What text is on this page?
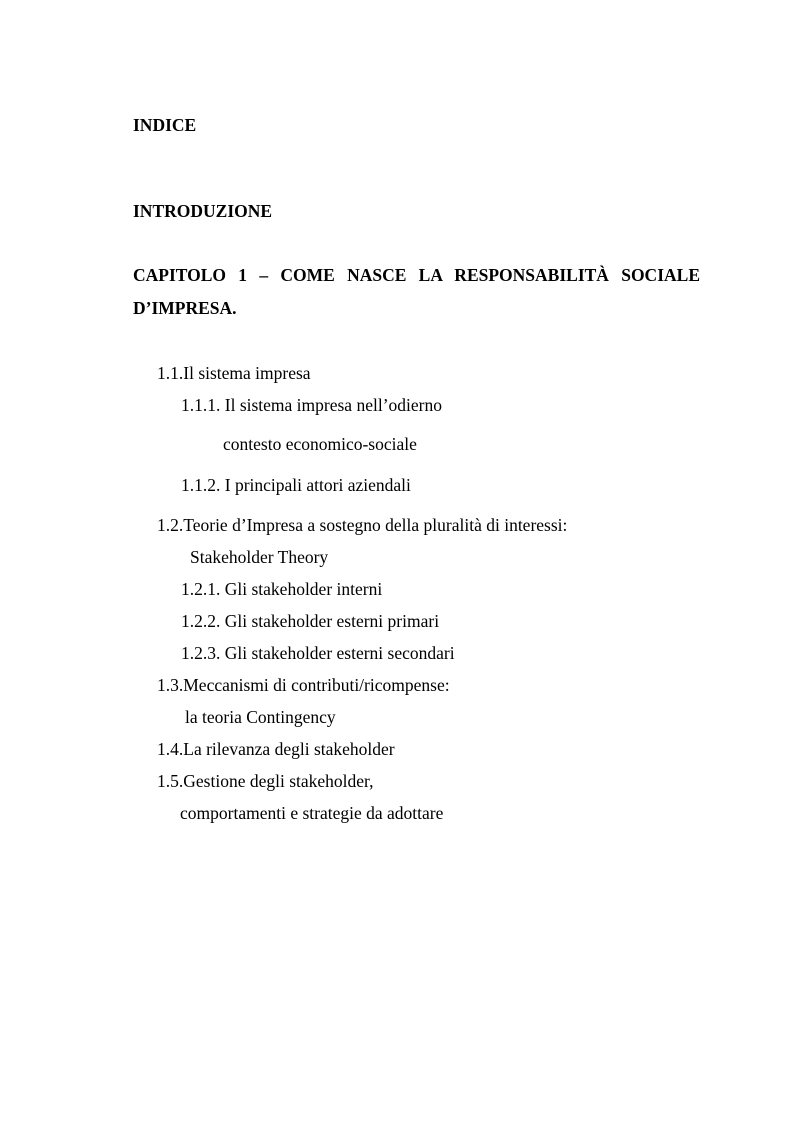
INDICE
INTRODUZIONE
CAPITOLO 1 – COME NASCE LA RESPONSABILITÀ SOCIALE
D’IMPRESA.
1.1.Il sistema impresa
1.1.1. Il sistema impresa nell’odierno
contesto economico-sociale
1.1.2. I principali attori aziendali
1.2.Teorie d’Impresa a sostegno della pluralità di interessi:
Stakeholder Theory
1.2.1. Gli stakeholder interni
1.2.2. Gli stakeholder esterni primari
1.2.3. Gli stakeholder esterni secondari
1.3.Meccanismi di contributi/ricompense:
la teoria Contingency
1.4.La rilevanza degli stakeholder
1.5.Gestione degli stakeholder,
comportamenti e strategie da adottare
